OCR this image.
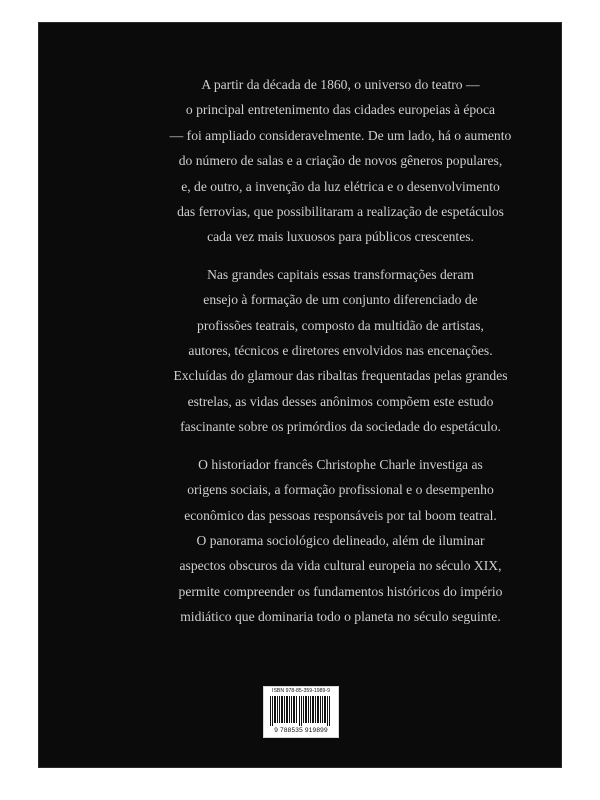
A partir da década de 1860, o universo do teatro —
o principal entretenimento das cidades europeias à época
— foi ampliado consideravelmente. De um lado, há o aumento
do número de salas e a criação de novos gêneros populares,
e, de outro, a invenção da luz elétrica e o desenvolvimento
das ferrovias, que possibilitaram a realização de espetáculos
cada vez mais luxuosos para públicos crescentes.
Nas grandes capitais essas transformações deram
ensejo à formação de um conjunto diferenciado de
profissões teatrais, composto da multidão de artistas,
autores, técnicos e diretores envolvidos nas encenações.
Excluídas do glamour das ribaltas frequentadas pelas grandes
estrelas, as vidas desses anônimos compõem este estudo
fascinante sobre os primórdios da sociedade do espetáculo.
O historiador francês Christophe Charle investiga as
origens sociais, a formação profissional e o desempenho
econômico das pessoas responsáveis por tal boom teatral.
O panorama sociológico delineado, além de iluminar
aspectos obscuros da vida cultural europeia no século XIX,
permite compreender os fundamentos históricos do império
midiático que dominaria todo o planeta no século seguinte.
ISBN 978-85-359-1989-9
9 788535 919899
